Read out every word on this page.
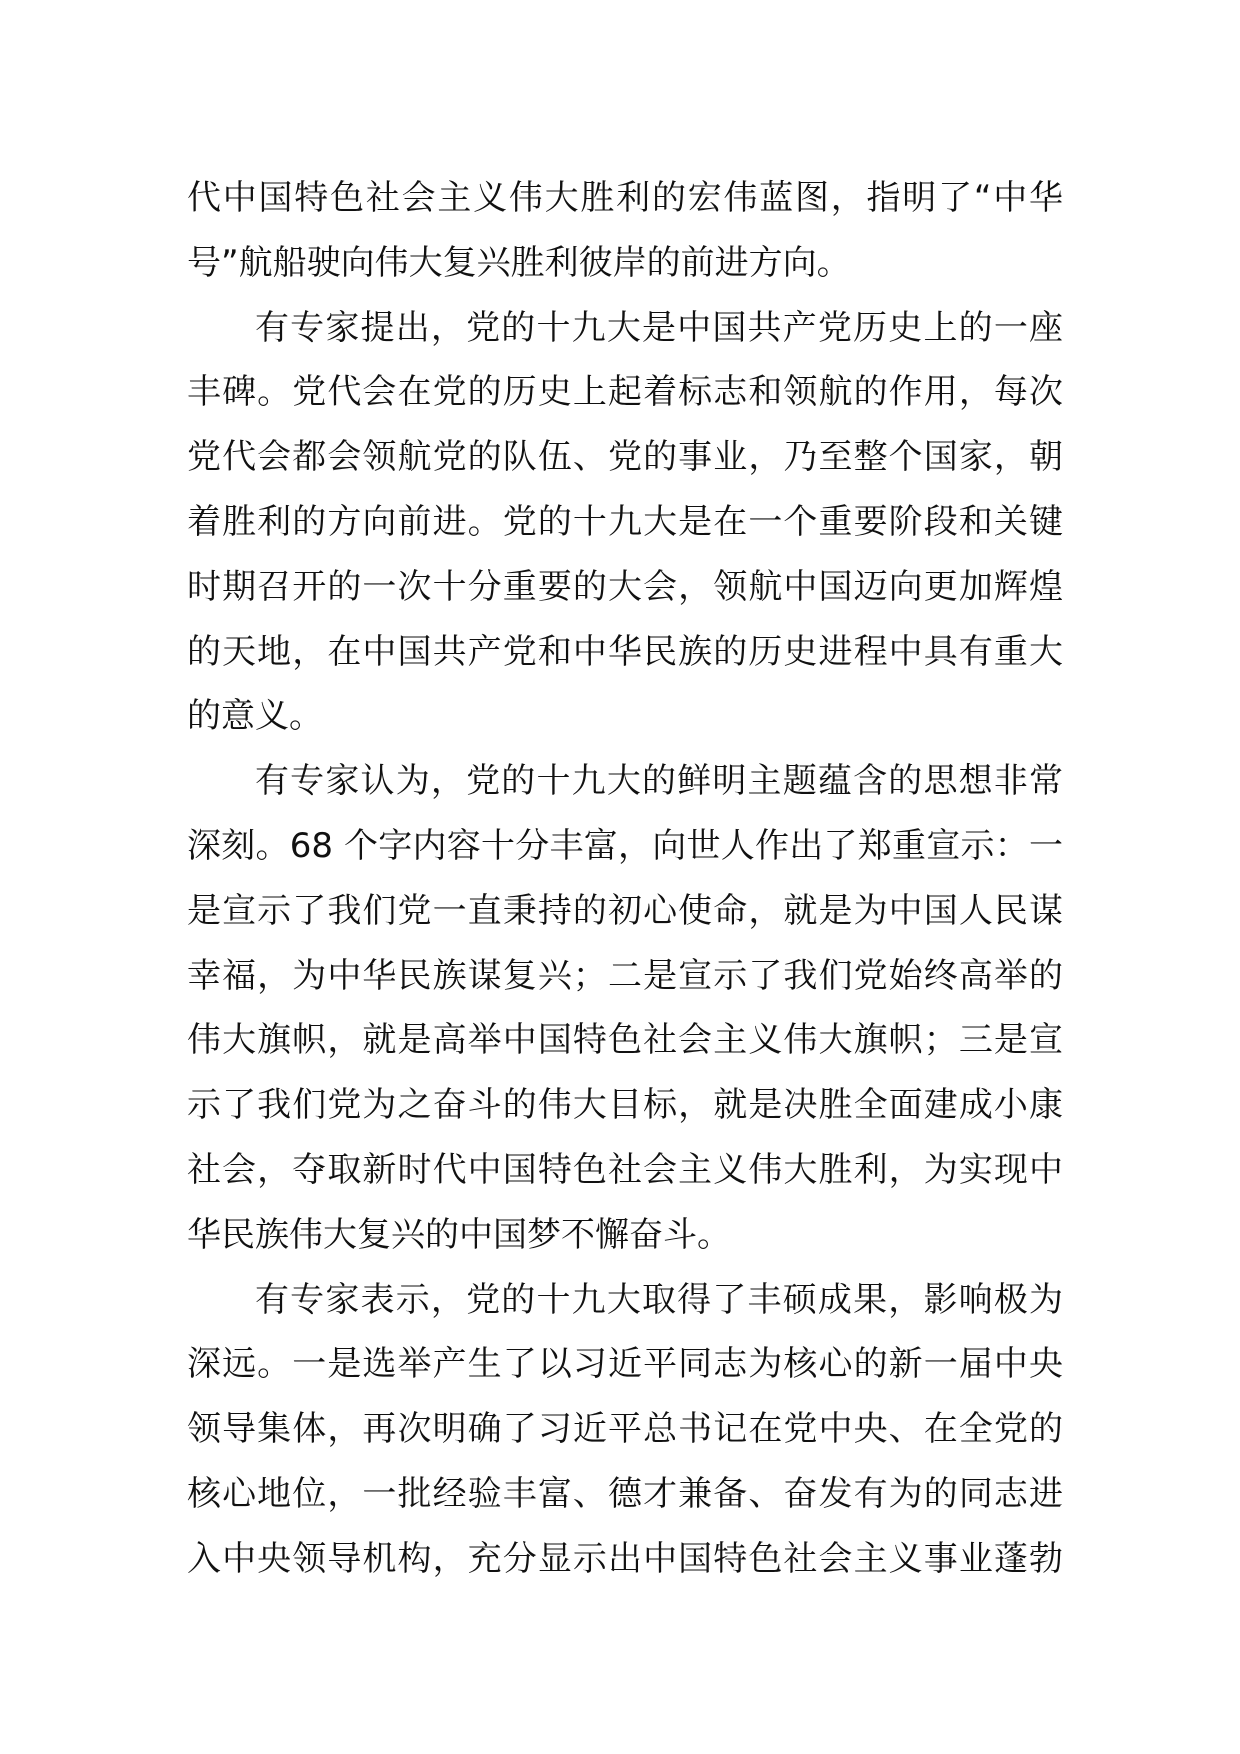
代中国特色社会主义伟大胜利的宏伟蓝图，指明了“中华
号”航船驶向伟大复兴胜利彼岸的前进方向。
有专家提出，党的十九大是中国共产党历史上的一座
丰碑。党代会在党的历史上起着标志和领航的作用，每次
党代会都会领航党的队伍、党的事业，乃至整个国家，朝
着胜利的方向前进。党的十九大是在一个重要阶段和关键
时期召开的一次十分重要的大会，领航中国迈向更加辉煌
的天地，在中国共产党和中华民族的历史进程中具有重大
的意义。
有专家认为，党的十九大的鲜明主题蕴含的思想非常
深刻。68 个字内容十分丰富，向世人作出了郑重宣示：一
是宣示了我们党一直秉持的初心使命，就是为中国人民谋
幸福，为中华民族谋复兴；二是宣示了我们党始终高举的
伟大旗帜，就是高举中国特色社会主义伟大旗帜；三是宣
示了我们党为之奋斗的伟大目标，就是决胜全面建成小康
社会，夺取新时代中国特色社会主义伟大胜利，为实现中
华民族伟大复兴的中国梦不懈奋斗。
有专家表示，党的十九大取得了丰硕成果，影响极为
深远。一是选举产生了以习近平同志为核心的新一届中央
领导集体，再次明确了习近平总书记在党中央、在全党的
核心地位，一批经验丰富、德才兼备、奋发有为的同志进
入中央领导机构，充分显示出中国特色社会主义事业蓬勃
